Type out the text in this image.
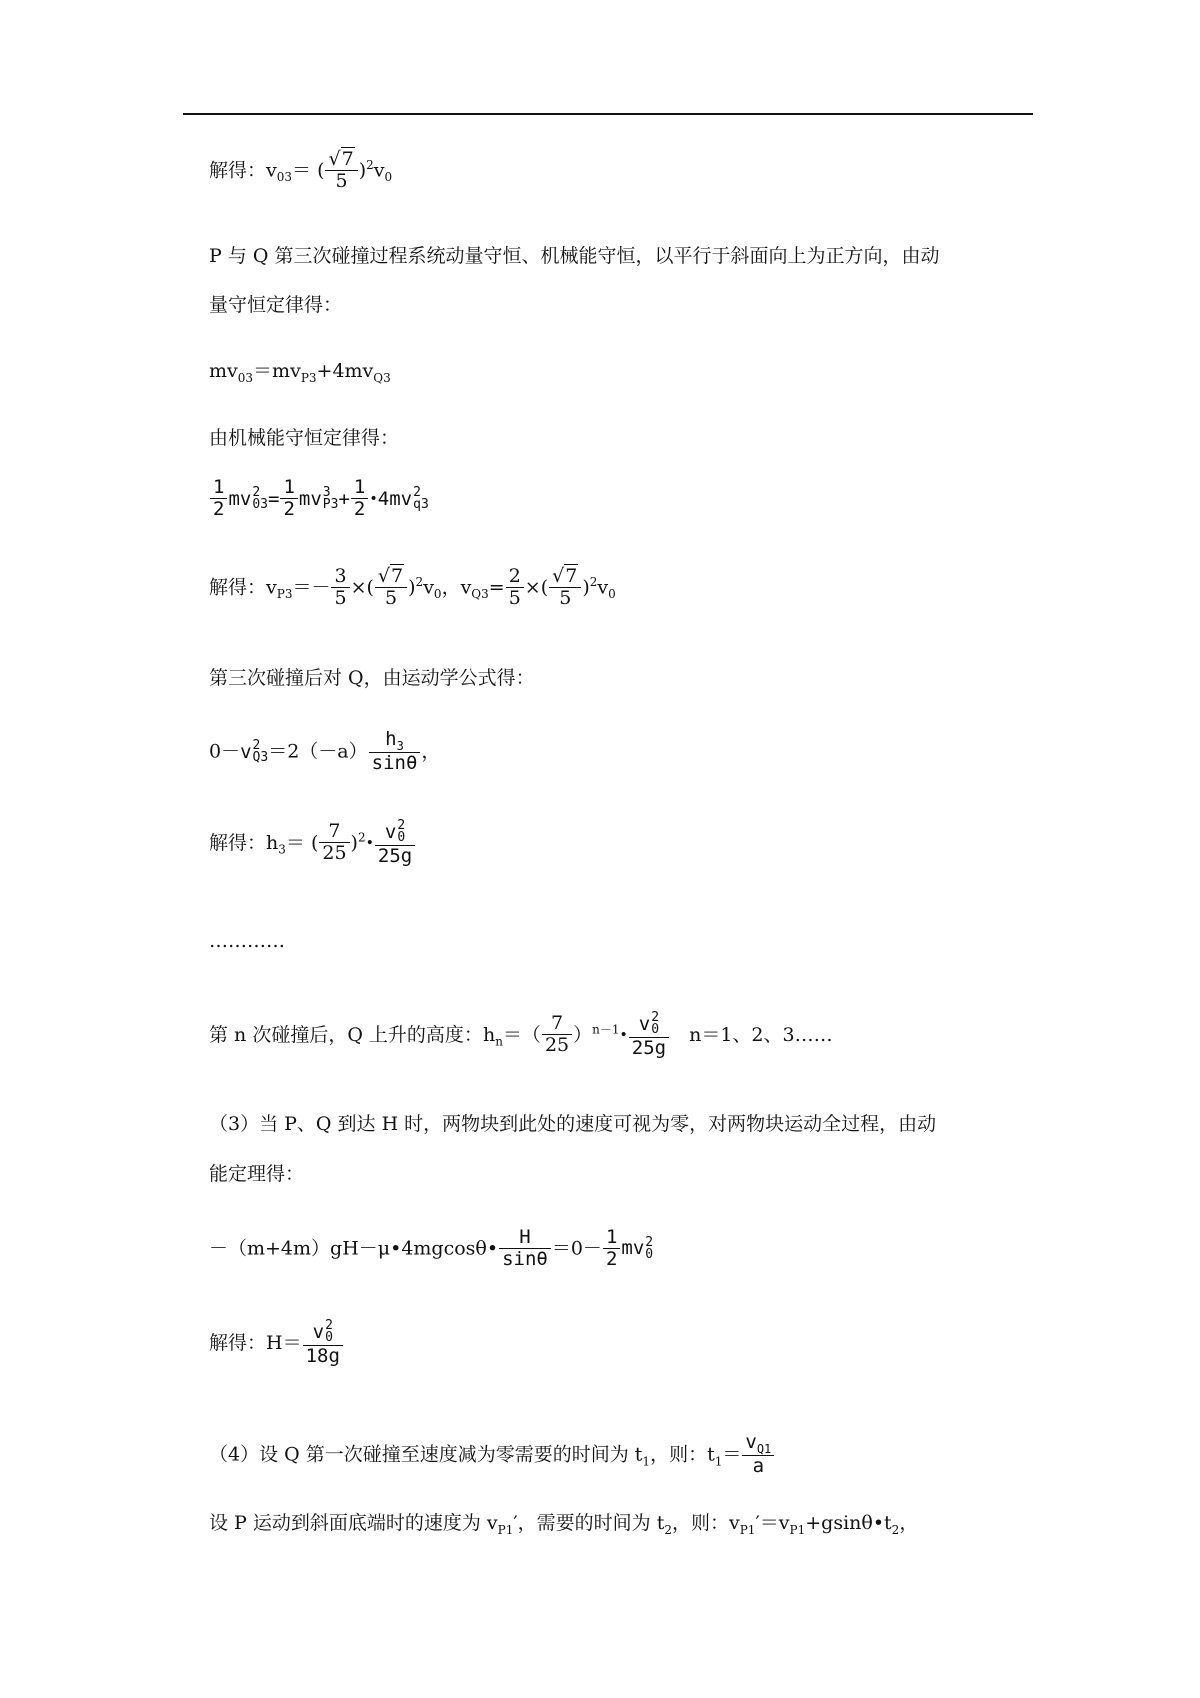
解得：$v_{03}=$ ( $\frac{√7}{5} )^2v_0$
P 与 Q 第三次碰撞过程系统动量守恒、机械能守恒，以平行于斜面向上为正方向，由动
量守恒定律得：
$mv_{03}=mv_{P3}+4mv_{Q3}$
由机械能守恒定律得：
$\frac{1}{2}$ mv 2
$03 = \frac{1}{2}$ mv 3
$P3 + \frac{1}{2}$ •4mv 2
q3
解得：$v_{P3}=- \frac{3}{5}$ ×( $\frac{√7}{5} )^2v_0$，$v_{Q3}= \frac{2}{5}$ ×( $\frac{√7}{5} )^2v_0$
第三次碰撞后对 Q，由运动学公式得：
0－v 2
$Q3 =2(-a) \frac{h_3}{\sin\theta}$ ，
解得：$h_3=$ ( $\frac{7}{25}$ )$^2$• v 2
0
25g
…………
第 n 次碰撞后，Q 上升的高度：$h_n=( \frac{7}{25}$ ）$^{n-1}•$ v 2
0
25g 　n＝1、2、3……
（3）当 P、Q 到达 H 时，两物块到此处的速度可视为零，对两物块运动全过程，由动
能定理得：
－（m+4m）gH－μ•4mgcosθ• $\frac{H}{\sin\theta} =0- \frac{1}{2}$ mv 2
0
解得：H＝ v 2
0
18g
（4）设 Q 第一次碰撞至速度减为零需要的时间为 $t_1$，则：$t_1= \frac{v_{Q1}}{a}$
设 P 运动到斜面底端时的速度为 $v_{P1}'$，需要的时间为 $t_2$，则：$v_{P1}'=v_{P1}+gsin\theta•t_2$，
